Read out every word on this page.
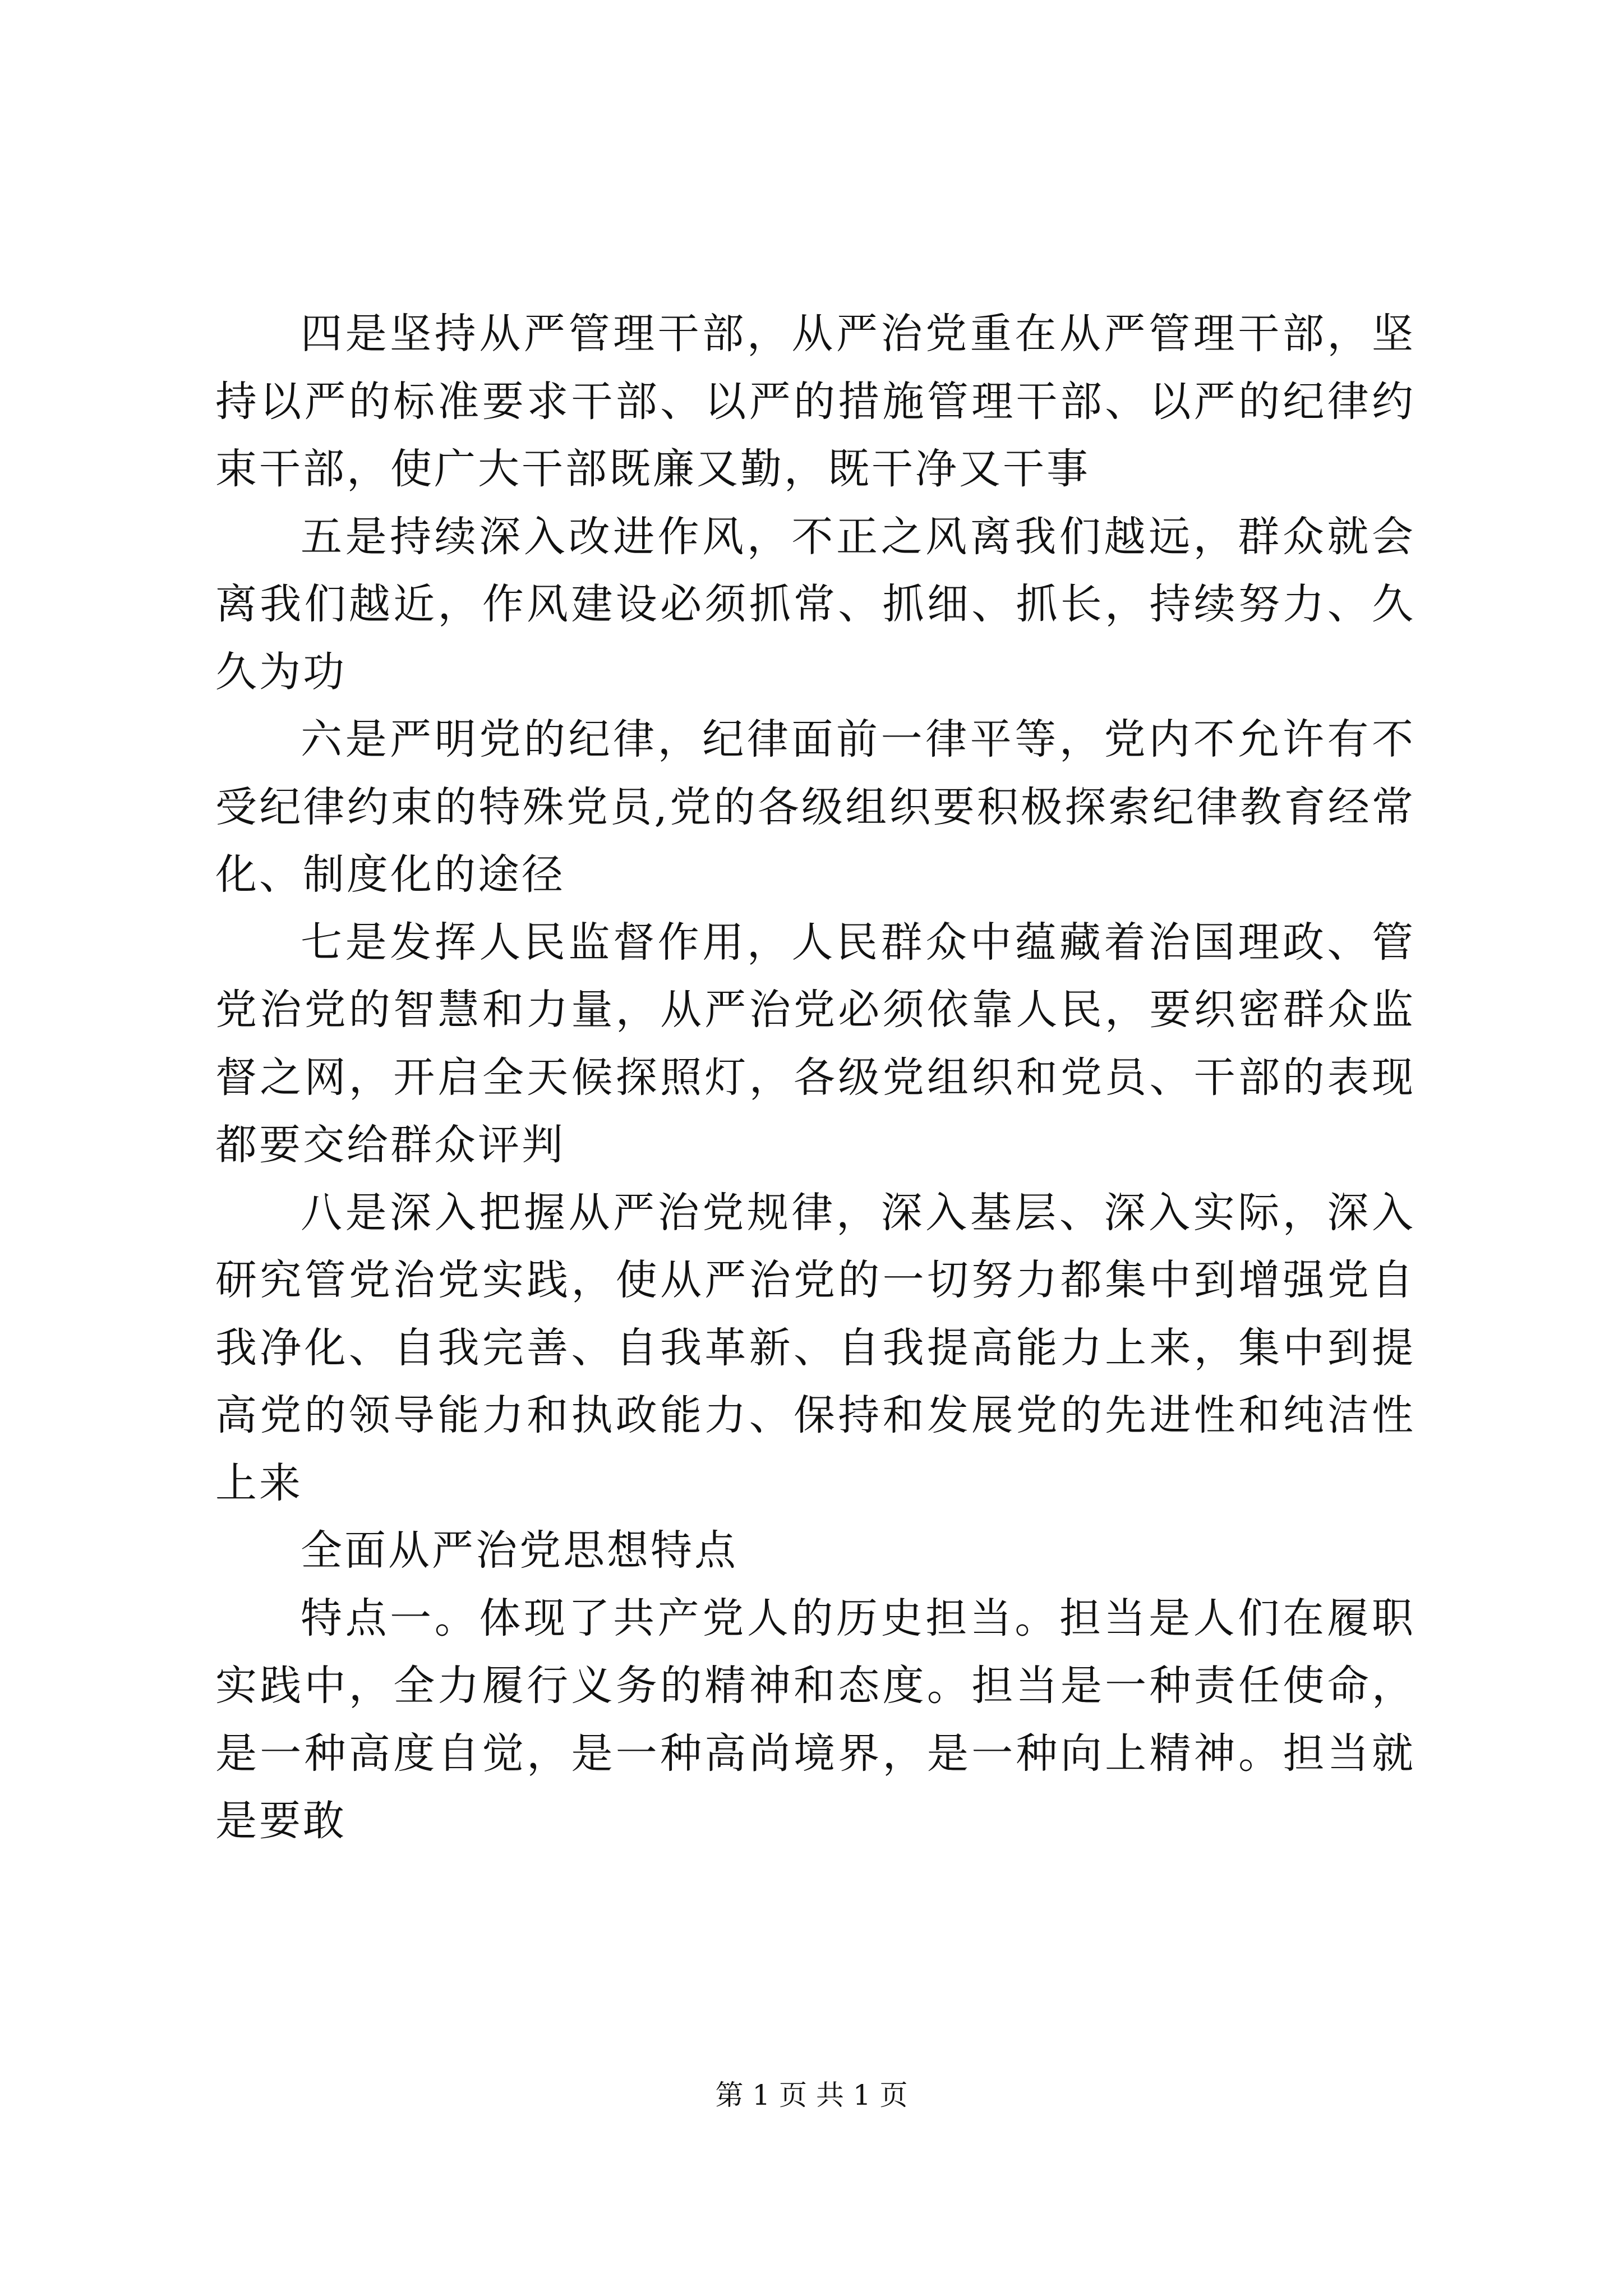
四是坚持从严管理干部，从严治党重在从严管理干部，坚持以严的标准要求干部、以严的措施管理干部、以严的纪律约束干部，使广大干部既廉又勤，既干净又干事

五是持续深入改进作风，不正之风离我们越远，群众就会离我们越近，作风建设必须抓常、抓细、抓长，持续努力、久久为功

六是严明党的纪律，纪律面前一律平等，党内不允许有不受纪律约束的特殊党员,党的各级组织要积极探索纪律教育经常化、制度化的途径

七是发挥人民监督作用，人民群众中蕴藏着治国理政、管党治党的智慧和力量，从严治党必须依靠人民，要织密群众监督之网，开启全天候探照灯，各级党组织和党员、干部的表现都要交给群众评判

八是深入把握从严治党规律，深入基层、深入实际，深入研究管党治党实践，使从严治党的一切努力都集中到增强党自我净化、自我完善、自我革新、自我提高能力上来，集中到提高党的领导能力和执政能力、保持和发展党的先进性和纯洁性上来

全面从严治党思想特点

特点一。体现了共产党人的历史担当。担当是人们在履职实践中，全力履行义务的精神和态度。担当是一种责任使命，是一种高度自觉，是一种高尚境界，是一种向上精神。担当就是要敢

第 1 页 共 1 页
